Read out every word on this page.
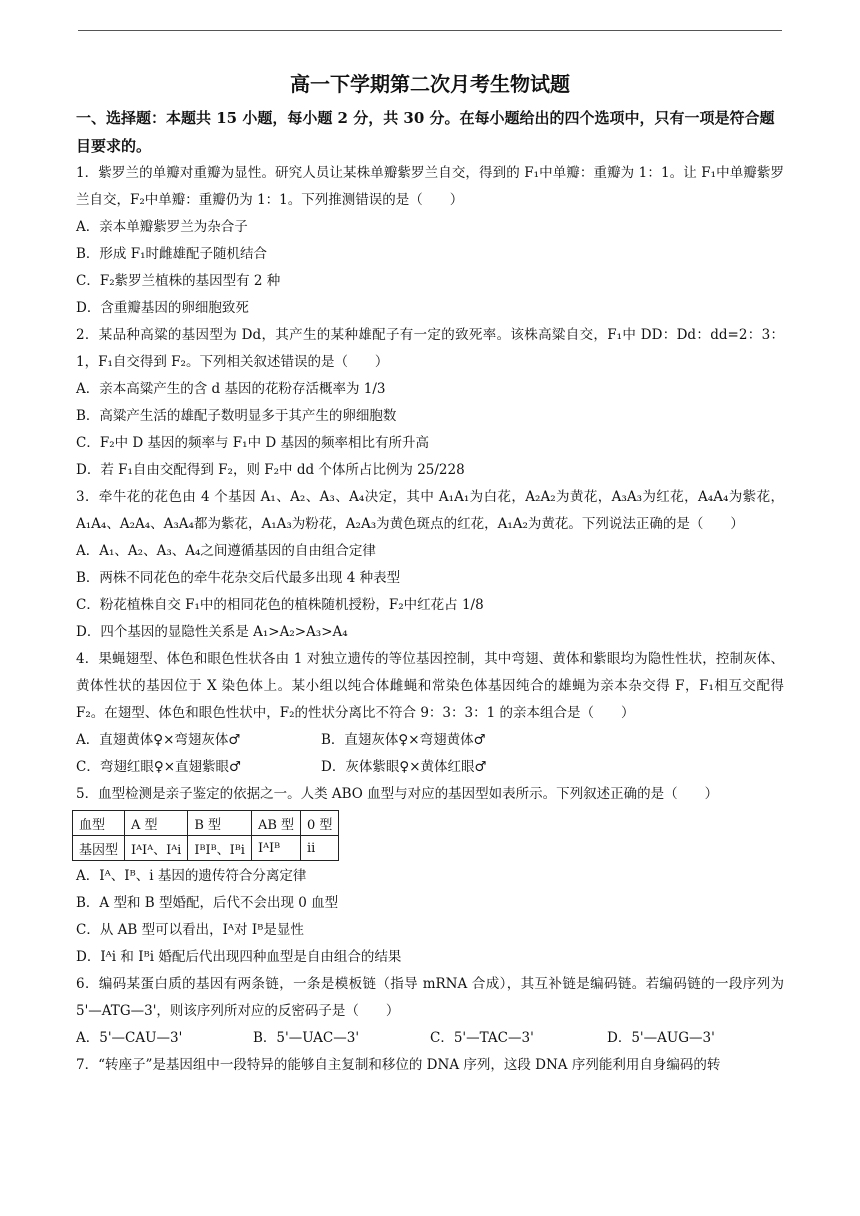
高一下学期第二次月考生物试题
一、选择题：本题共 15 小题，每小题 2 分，共 30 分。在每小题给出的四个选项中，只有一项是符合题目要求的。

1．紫罗兰的单瓣对重瓣为显性。研究人员让某株单瓣紫罗兰自交，得到的 F₁中单瓣：重瓣为 1：1。让 F₁中单瓣紫罗兰自交，F₂中单瓣：重瓣仍为 1：1。下列推测错误的是（　　）

A．亲本单瓣紫罗兰为杂合子

B．形成 F₁时雌雄配子随机结合

C．F₂紫罗兰植株的基因型有 2 种

D．含重瓣基因的卵细胞致死

2．某品种高粱的基因型为 Dd，其产生的某种雄配子有一定的致死率。该株高粱自交，F₁中 DD：Dd：dd=2：3：1，F₁自交得到 F₂。下列相关叙述错误的是（　　）

A．亲本高粱产生的含 d 基因的花粉存活概率为 1/3

B．高粱产生活的雄配子数明显多于其产生的卵细胞数

C．F₂中 D 基因的频率与 F₁中 D 基因的频率相比有所升高

D．若 F₁自由交配得到 F₂，则 F₂中 dd 个体所占比例为 25/228

3．牵牛花的花色由 4 个基因 A₁、A₂、A₃、A₄决定，其中 A₁A₁为白花，A₂A₂为黄花，A₃A₃为红花，A₄A₄为紫花，A₁A₄、A₂A₄、A₃A₄都为紫花，A₁A₃为粉花，A₂A₃为黄色斑点的红花，A₁A₂为黄花。下列说法正确的是（　　）

A．A₁、A₂、A₃、A₄之间遵循基因的自由组合定律

B．两株不同花色的牵牛花杂交后代最多出现 4 种表型

C．粉花植株自交 F₁中的相同花色的植株随机授粉，F₂中红花占 1/8

D．四个基因的显隐性关系是 A₁>A₂>A₃>A₄

4．果蝇翅型、体色和眼色性状各由 1 对独立遗传的等位基因控制，其中弯翅、黄体和紫眼均为隐性性状，控制灰体、黄体性状的基因位于 X 染色体上。某小组以纯合体雌蝇和常染色体基因纯合的雄蝇为亲本杂交得 F，F₁相互交配得 F₂。在翅型、体色和眼色性状中，F₂的性状分离比不符合 9：3：3：1 的亲本组合是（　　）

A．直翅黄体♀×弯翅灰体♂	B．直翅灰体♀×弯翅黄体♂

C．弯翅红眼♀×直翅紫眼♂	D．灰体紫眼♀×黄体红眼♂

5．血型检测是亲子鉴定的依据之一。人类 ABO 血型与对应的基因型如表所示。下列叙述正确的是（　　）

血型	A 型	B 型	AB 型	0 型
基因型	IᴬIᴬ、Iᴬi	IᴮIᴮ、Iᴮi	IᴬIᴮ	ii

A．Iᴬ、Iᴮ、i 基因的遗传符合分离定律

B．A 型和 B 型婚配，后代不会出现 0 血型

C．从 AB 型可以看出，Iᴬ对 Iᴮ是显性

D．Iᴬi 和 Iᴮi 婚配后代出现四种血型是自由组合的结果

6．编码某蛋白质的基因有两条链，一条是模板链（指导 mRNA 合成），其互补链是编码链。若编码链的一段序列为 5'—ATG—3'，则该序列所对应的反密码子是（　　）

A．5'—CAU—3'	B．5'—UAC—3'	C．5'—TAC—3'	D．5'—AUG—3'

7．“转座子”是基因组中一段特异的能够自主复制和移位的 DNA 序列，这段 DNA 序列能利用自身编码的转
